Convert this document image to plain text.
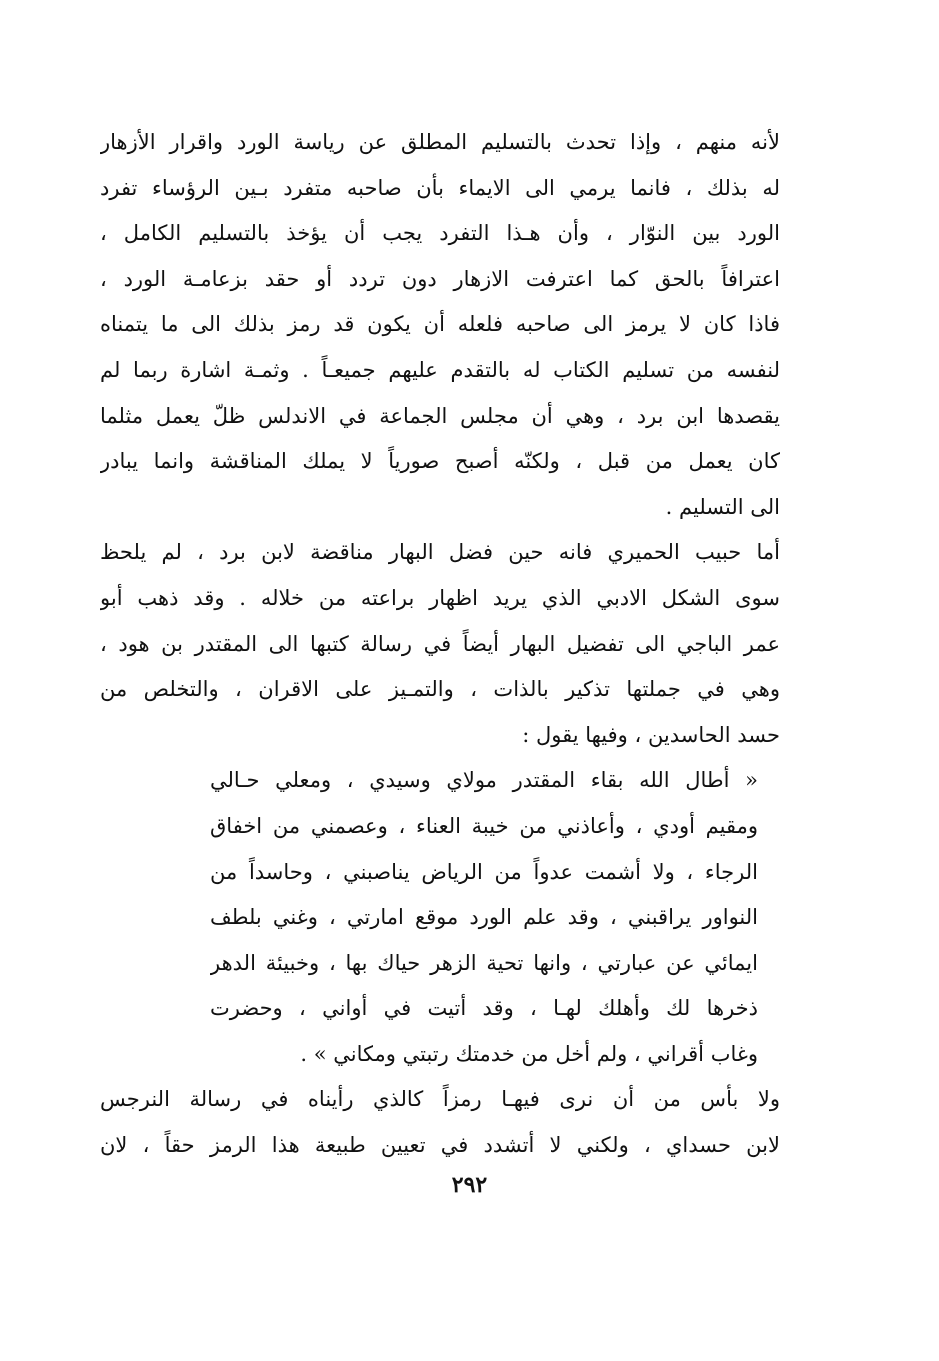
لأنه منهم ، وإذا تحدث بالتسليم المطلق عن رياسة الورد واقرار الأزهار
له بذلك ، فانما يرمي الى الايماء بأن صاحبه متفرد بـين الرؤساء تفرد
الورد بين النوّار ، وأن هـذا التفرد يجب أن يؤخذ بالتسليم الكامل ،
اعترافاً بالحق كما اعترفت الازهار دون تردد أو حقد بزعامـة الورد ،
فاذا كان لا يرمز الى صاحبه فلعله أن يكون قد رمز بذلك الى ما يتمناه
لنفسه من تسليم الكتاب له بالتقدم عليهم جميعـاً . وثمـة اشارة ربما لم
يقصدها ابن برد ، وهي أن مجلس الجماعة في الاندلس ظلّ يعمل مثلما
كان يعمل من قبل ، ولكنّه أصبح صورياً لا يملك المناقشة وانما يبادر
الى التسليم .
أما حبيب الحميري فانه حين فضل البهار مناقضة لابن برد ، لم يلحظ
سوى الشكل الادبي الذي يريد اظهار براعته من خلاله . وقد ذهب أبو
عمر الباجي الى تفضيل البهار أيضاً في رسالة كتبها الى المقتدر بن هود ،
وهي في جملتها تذكير بالذات ، والتمـيز على الاقران ، والتخلص من
حسد الحاسدين ، وفيها يقول :
« أطال الله بقاء المقتدر مولاي وسيدي ، ومعلي حـالي
ومقيم أودي ، وأعاذني من خيبة العناء ، وعصمني من اخفاق
الرجاء ، ولا أشمت عدواً من الرياض يناصبني ، وحاسداً من
النواور يراقبني ، وقد علم الورد موقع امارتي ، وغني بلطف
ايمائي عن عبارتي ، وانها تحية الزهر حياك بها ، وخبيئة الدهر
ذخرها لك وأهلك لهـا ، وقد أتيت في أواني ، وحضرت
وغاب أقراني ، ولم أخل من خدمتك رتبتي ومكاني » .
ولا بأس من أن نرى فيهـا رمزاً كالذي رأيناه في رسالة النرجس
لابن حسداي ، ولكني لا أتشدد في تعيين طبيعة هذا الرمز حقاً ، لان
٢٩٢
